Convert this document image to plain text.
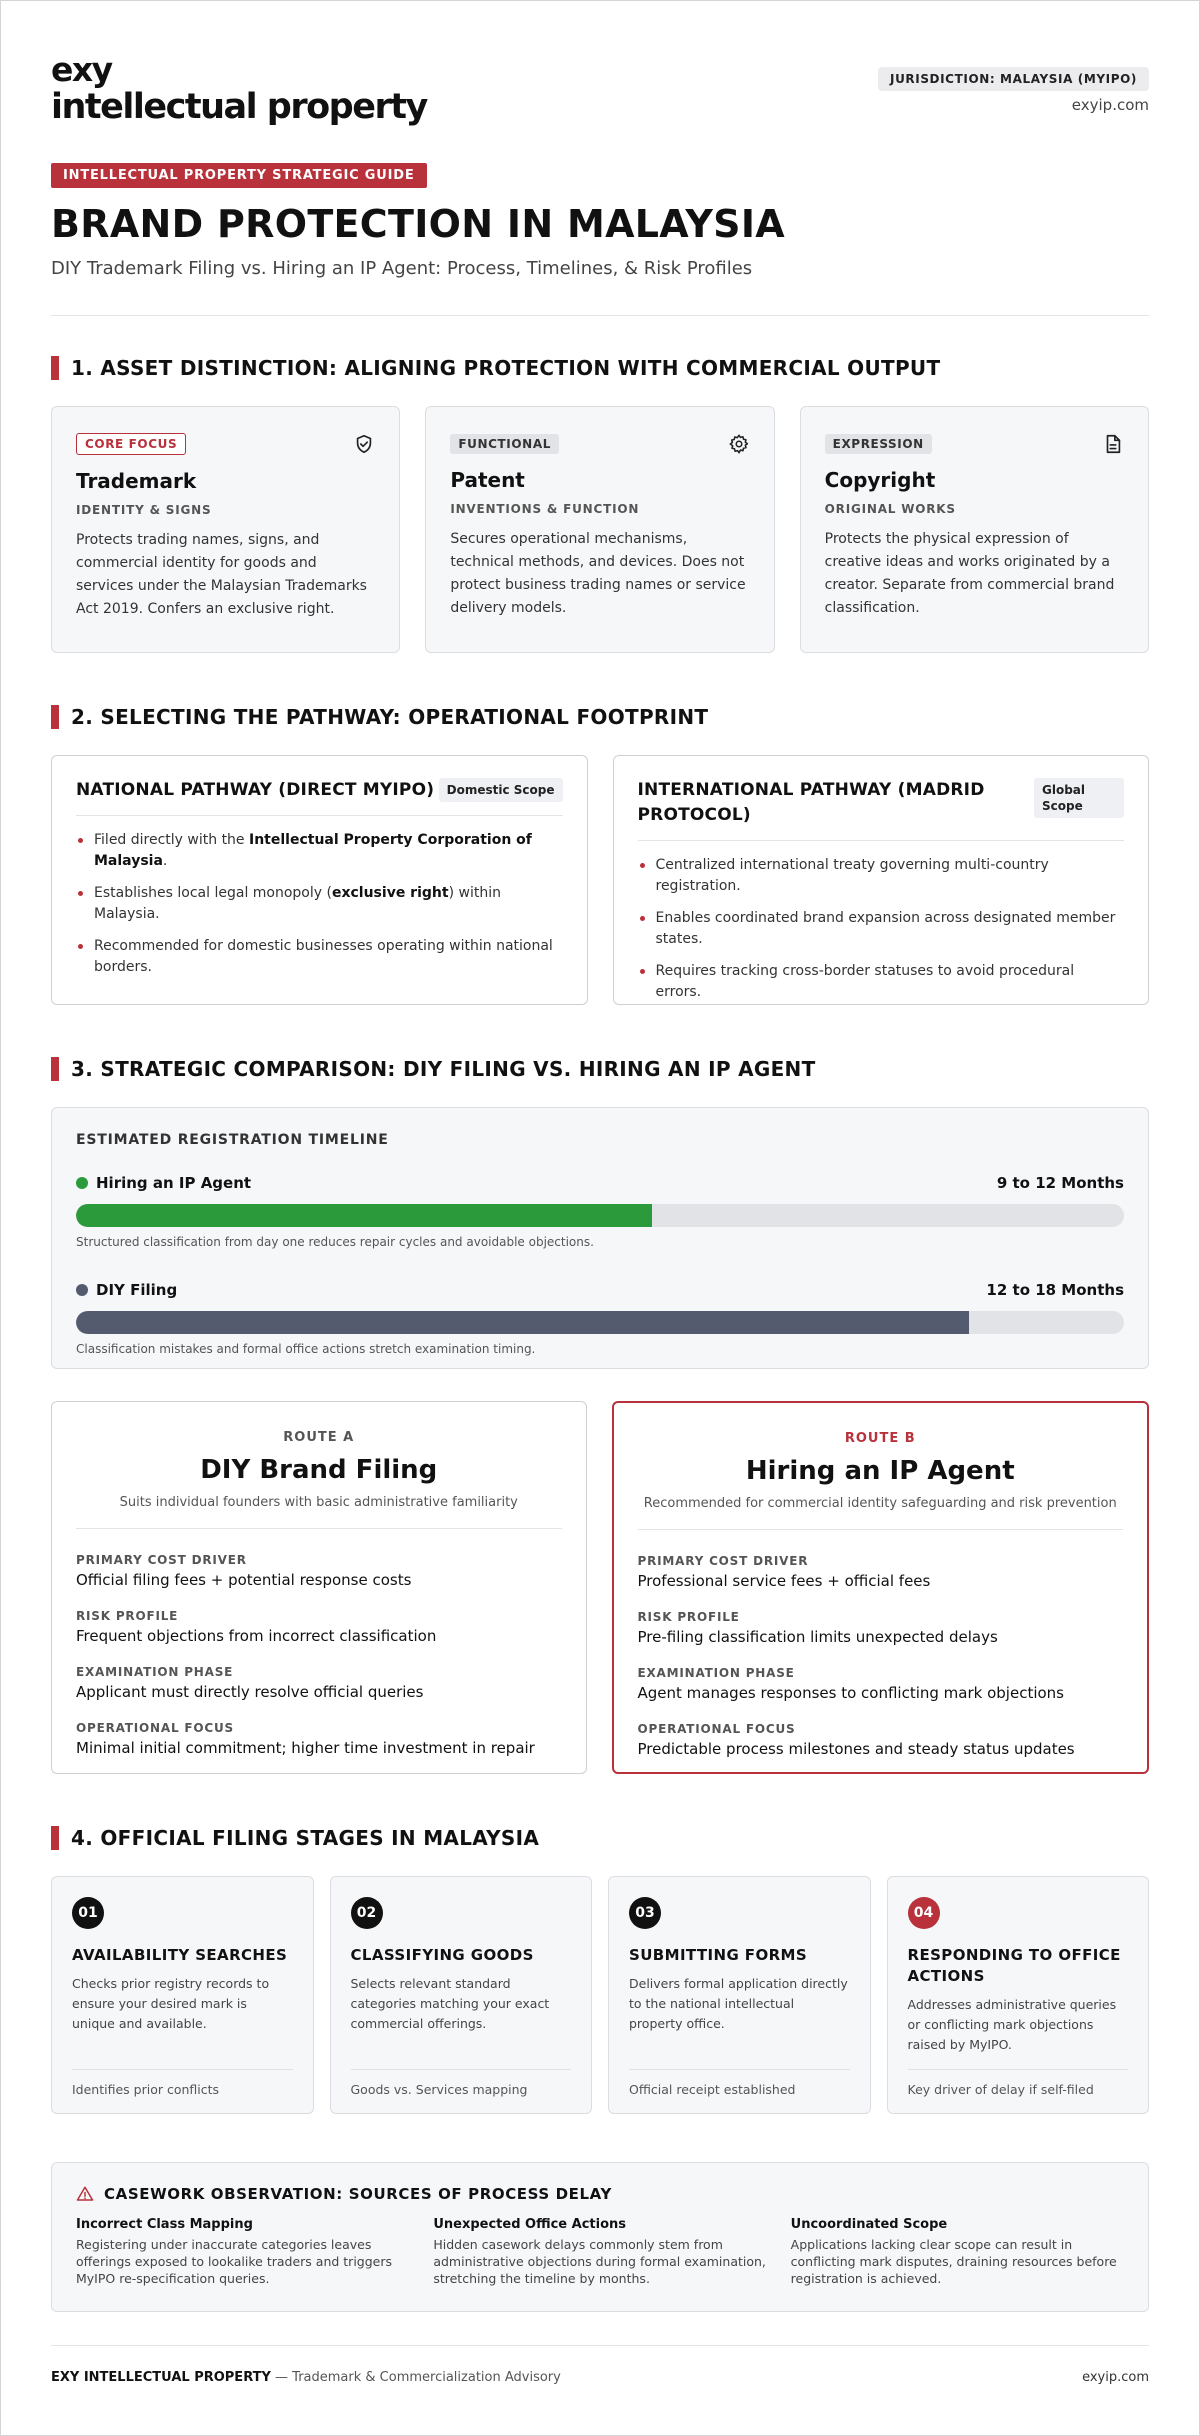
exy
intellectual property
JURISDICTION: MALAYSIA (MYIPO)
exyip.com
INTELLECTUAL PROPERTY STRATEGIC GUIDE
BRAND PROTECTION IN MALAYSIA

DIY Trademark Filing vs. Hiring an IP Agent: Process, Timelines, & Risk Profiles

1. ASSET DISTINCTION: ALIGNING PROTECTION WITH COMMERCIAL OUTPUT
CORE FOCUS
Trademark
IDENTITY & SIGNS

Protects trading names, signs, and commercial identity for goods and services under the Malaysian Trademarks Act 2019. Confers an exclusive right.

FUNCTIONAL
Patent
INVENTIONS & FUNCTION

Secures operational mechanisms, technical methods, and devices. Does not protect business trading names or service delivery models.

EXPRESSION
Copyright
ORIGINAL WORKS

Protects the physical expression of creative ideas and works originated by a creator. Separate from commercial brand classification.

2. SELECTING THE PATHWAY: OPERATIONAL FOOTPRINT
NATIONAL PATHWAY (DIRECT MYIPO)	Domestic Scope
Filed directly with the Intellectual Property Corporation of Malaysia.
Establishes local legal monopoly (exclusive right) within Malaysia.
Recommended for domestic businesses operating within national borders.
INTERNATIONAL PATHWAY (MADRID PROTOCOL)
Global Scope
Centralized international treaty governing multi-country registration.
Enables coordinated brand expansion across designated member states.
Requires tracking cross-border statuses to avoid procedural errors.
3. STRATEGIC COMPARISON: DIY FILING VS. HIRING AN IP AGENT
ESTIMATED REGISTRATION TIMELINE
Hiring an IP Agent	9 to 12 Months
Structured classification from day one reduces repair cycles and avoidable objections.
DIY Filing	12 to 18 Months
Classification mistakes and formal office actions stretch examination timing.
ROUTE A
DIY Brand Filing
Suits individual founders with basic administrative familiarity
PRIMARY COST DRIVER
Official filing fees + potential response costs
RISK PROFILE
Frequent objections from incorrect classification
EXAMINATION PHASE
Applicant must directly resolve official queries
OPERATIONAL FOCUS
Minimal initial commitment; higher time investment in repair
ROUTE B
Hiring an IP Agent
Recommended for commercial identity safeguarding and risk prevention
PRIMARY COST DRIVER
Professional service fees + official fees
RISK PROFILE
Pre-filing classification limits unexpected delays
EXAMINATION PHASE
Agent manages responses to conflicting mark objections
OPERATIONAL FOCUS
Predictable process milestones and steady status updates
4. OFFICIAL FILING STAGES IN MALAYSIA
01
AVAILABILITY SEARCHES

Checks prior registry records to ensure your desired mark is unique and available.

Identifies prior conflicts
02
CLASSIFYING GOODS

Selects relevant standard categories matching your exact commercial offerings.

Goods vs. Services mapping
03
SUBMITTING FORMS

Delivers formal application directly to the national intellectual property office.

Official receipt established
04
RESPONDING TO OFFICE ACTIONS

Addresses administrative queries or conflicting mark objections raised by MyIPO.

Key driver of delay if self-filed
CASEWORK OBSERVATION: SOURCES OF PROCESS DELAY
Incorrect Class Mapping
Registering under inaccurate categories leaves offerings exposed to lookalike traders and triggers MyIPO re-specification queries.
Unexpected Office Actions
Hidden casework delays commonly stem from administrative objections during formal examination, stretching the timeline by months.
Uncoordinated Scope
Applications lacking clear scope can result in conflicting mark disputes, draining resources before registration is achieved.
EXY INTELLECTUAL PROPERTY — Trademark & Commercialization Advisory	exyip.com
